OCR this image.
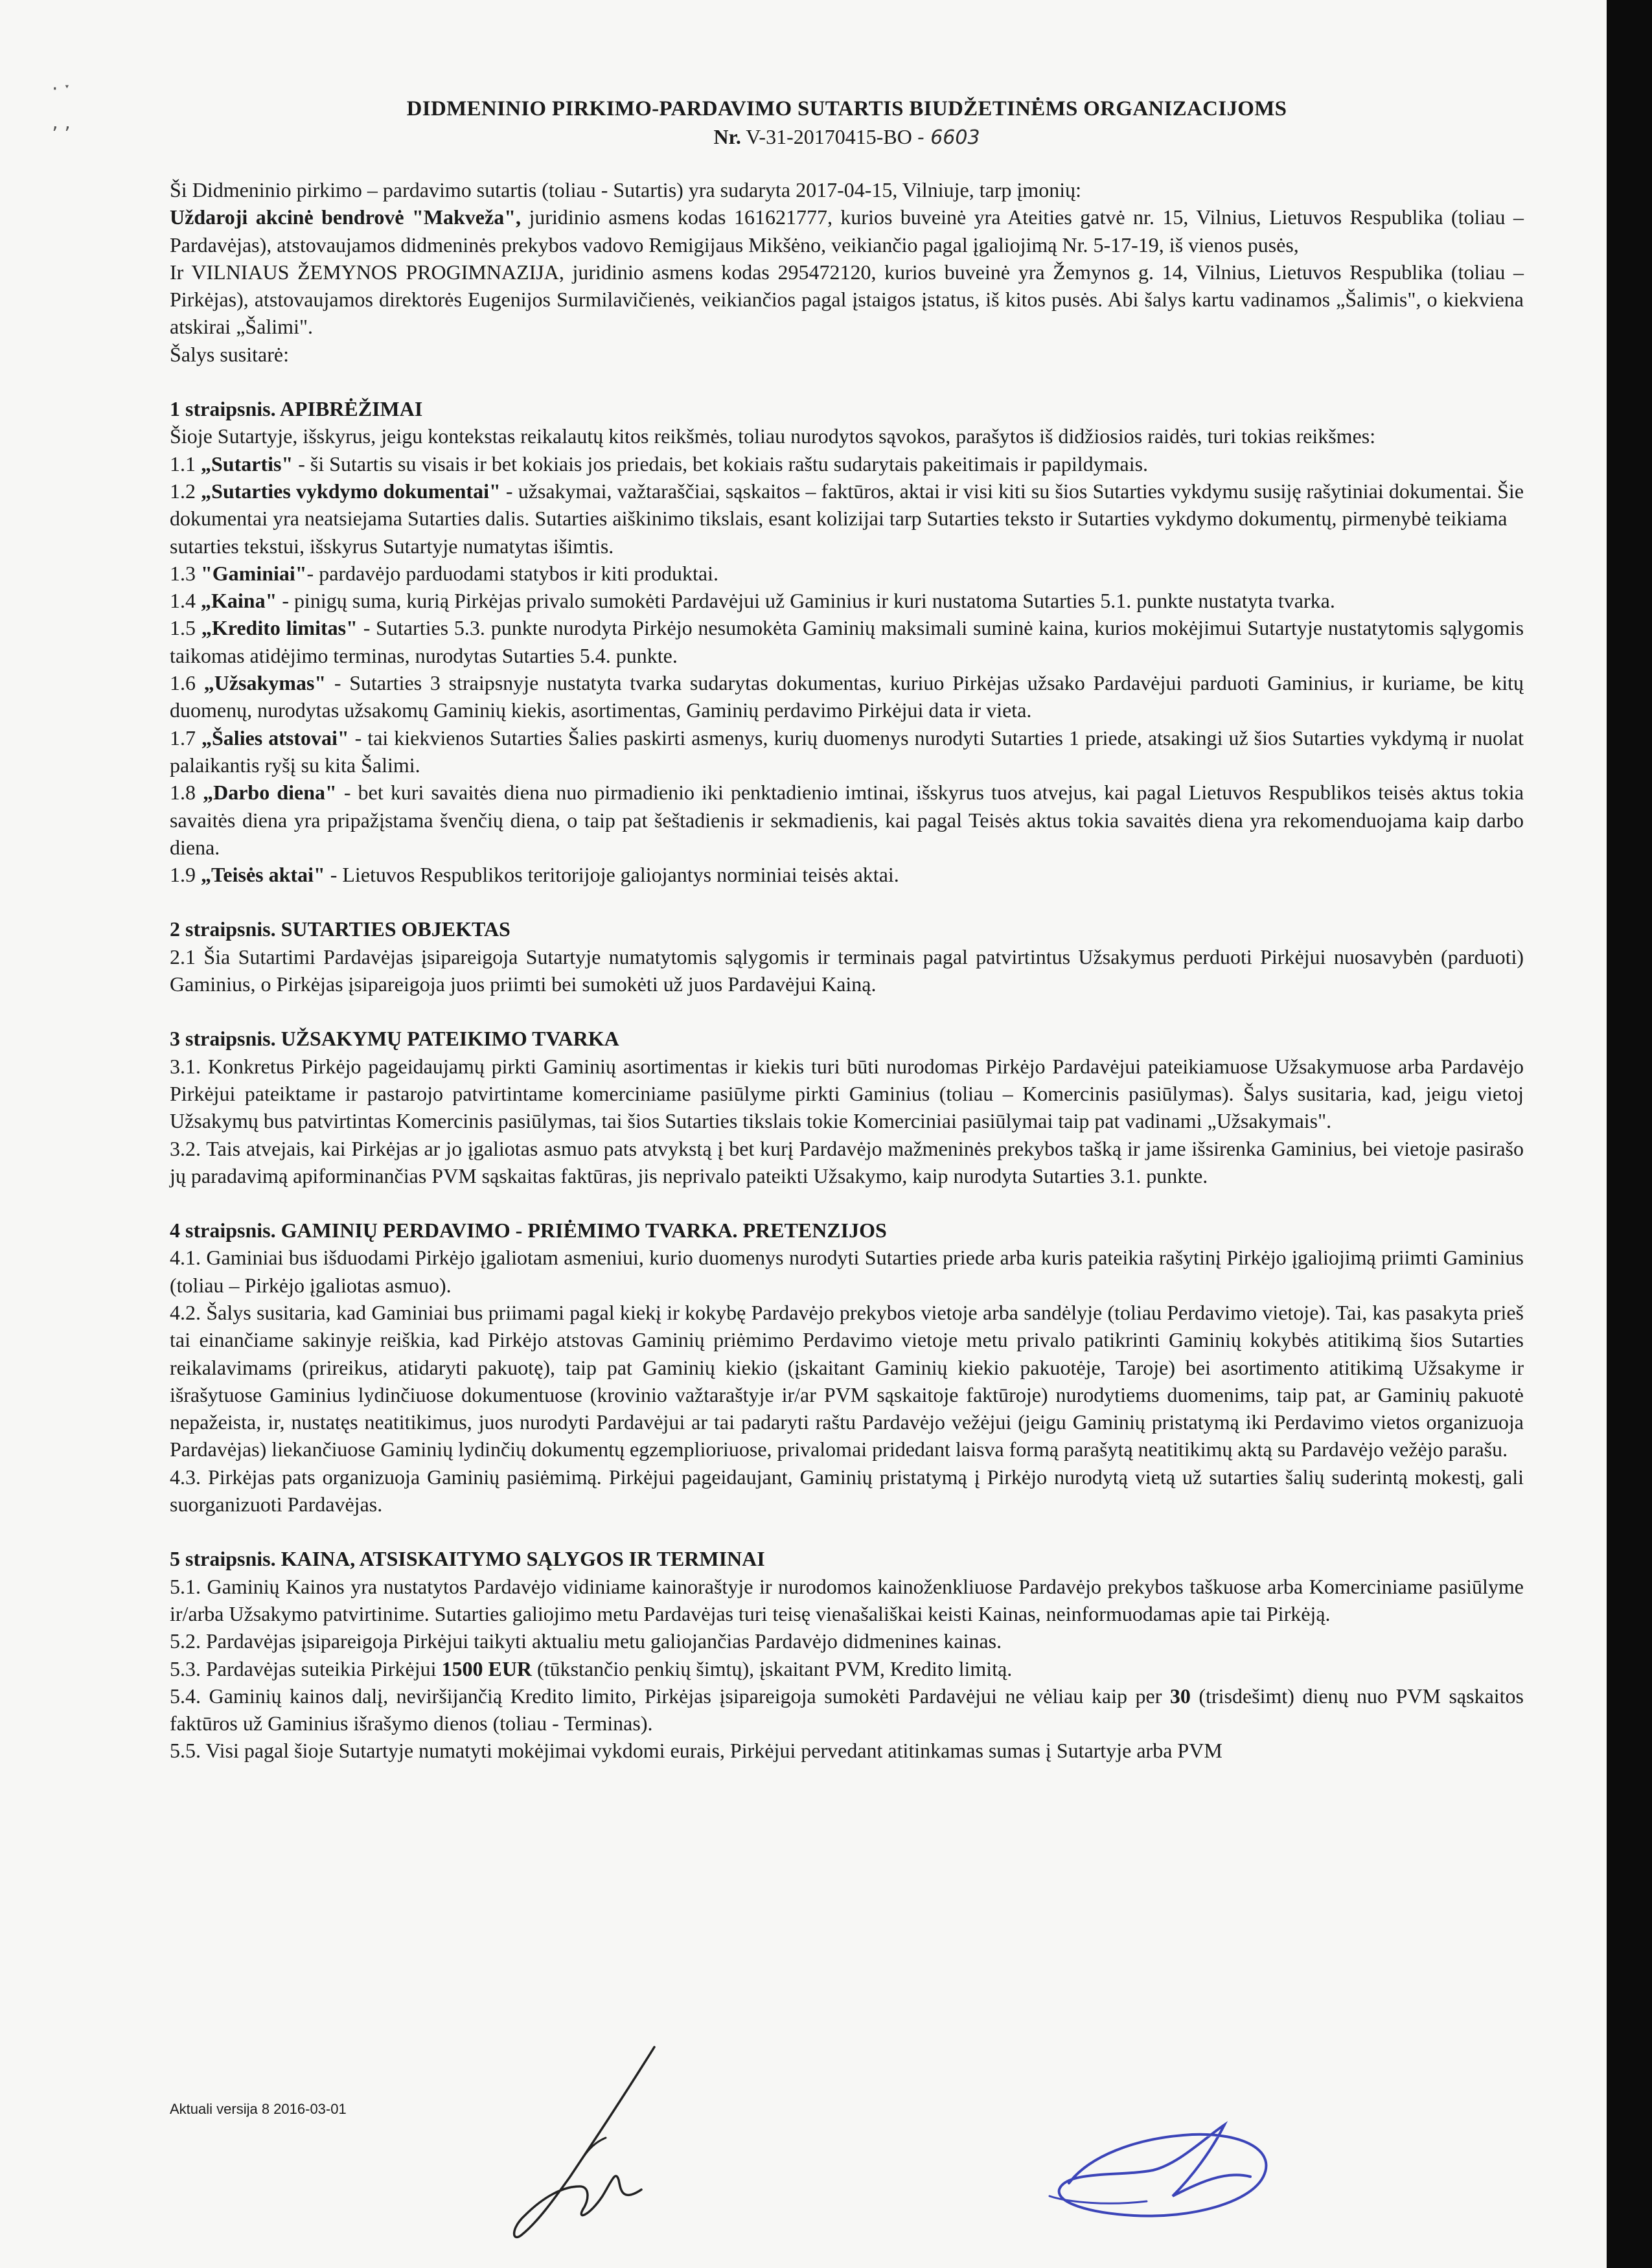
· ˑ

ʼ ʼ
DIDMENINIO PIRKIMO-PARDAVIMO SUTARTIS BIUDŽETINĖMS ORGANIZACIJOMS
Nr. V-31-20170415-BO - 6603

Ši Didmeninio pirkimo – pardavimo sutartis (toliau - Sutartis) yra sudaryta 2017-04-15, Vilniuje, tarp įmonių:

Uždaroji akcinė bendrovė "Makveža", juridinio asmens kodas 161621777, kurios buveinė yra Ateities gatvė nr. 15, Vilnius, Lietuvos Respublika (toliau – Pardavėjas), atstovaujamos didmeninės prekybos vadovo Remigijaus Mikšėno, veikiančio pagal įgaliojimą Nr. 5-17-19, iš vienos pusės,

Ir VILNIAUS ŽEMYNOS PROGIMNAZIJA, juridinio asmens kodas 295472120, kurios buveinė yra Žemynos g. 14, Vilnius, Lietuvos Respublika (toliau – Pirkėjas), atstovaujamos direktorės Eugenijos Surmilavičienės, veikiančios pagal įstaigos įstatus, iš kitos pusės. Abi šalys kartu vadinamos „Šalimis", o kiekviena atskirai „Šalimi".

Šalys susitarė:

1 straipsnis. APIBRĖŽIMAI

Šioje Sutartyje, išskyrus, jeigu kontekstas reikalautų kitos reikšmės, toliau nurodytos sąvokos, parašytos iš didžiosios raidės, turi tokias reikšmes:

1.1 „Sutartis" - ši Sutartis su visais ir bet kokiais jos priedais, bet kokiais raštu sudarytais pakeitimais ir papildymais.

1.2 „Sutarties vykdymo dokumentai" - užsakymai, važtaraščiai, sąskaitos – faktūros, aktai ir visi kiti su šios Sutarties vykdymu susiję rašytiniai dokumentai. Šie dokumentai yra neatsiejama Sutarties dalis. Sutarties aiškinimo tikslais, esant kolizijai tarp Sutarties teksto ir Sutarties vykdymo dokumentų, pirmenybė teikiama

sutarties tekstui, išskyrus Sutartyje numatytas išimtis.

1.3 "Gaminiai"- pardavėjo parduodami statybos ir kiti produktai.

1.4 „Kaina" - pinigų suma, kurią Pirkėjas privalo sumokėti Pardavėjui už Gaminius ir kuri nustatoma Sutarties 5.1. punkte nustatyta tvarka.

1.5 „Kredito limitas" - Sutarties 5.3. punkte nurodyta Pirkėjo nesumokėta Gaminių maksimali suminė kaina, kurios mokėjimui Sutartyje nustatytomis sąlygomis taikomas atidėjimo terminas, nurodytas Sutarties 5.4. punkte.

1.6 „Užsakymas" - Sutarties 3 straipsnyje nustatyta tvarka sudarytas dokumentas, kuriuo Pirkėjas užsako Pardavėjui parduoti Gaminius, ir kuriame, be kitų duomenų, nurodytas užsakomų Gaminių kiekis, asortimentas, Gaminių perdavimo Pirkėjui data ir vieta.

1.7 „Šalies atstovai" - tai kiekvienos Sutarties Šalies paskirti asmenys, kurių duomenys nurodyti Sutarties 1 priede, atsakingi už šios Sutarties vykdymą ir nuolat palaikantis ryšį su kita Šalimi.

1.8 „Darbo diena" - bet kuri savaitės diena nuo pirmadienio iki penktadienio imtinai, išskyrus tuos atvejus, kai pagal Lietuvos Respublikos teisės aktus tokia savaitės diena yra pripažįstama švenčių diena, o taip pat šeštadienis ir sekmadienis, kai pagal Teisės aktus tokia savaitės diena yra rekomenduojama kaip darbo diena.

1.9 „Teisės aktai" - Lietuvos Respublikos teritorijoje galiojantys norminiai teisės aktai.

2 straipsnis. SUTARTIES OBJEKTAS

2.1 Šia Sutartimi Pardavėjas įsipareigoja Sutartyje numatytomis sąlygomis ir terminais pagal patvirtintus Užsakymus perduoti Pirkėjui nuosavybėn (parduoti) Gaminius, o Pirkėjas įsipareigoja juos priimti bei sumokėti už juos Pardavėjui Kainą.

3 straipsnis. UŽSAKYMŲ PATEIKIMO TVARKA

3.1. Konkretus Pirkėjo pageidaujamų pirkti Gaminių asortimentas ir kiekis turi būti nurodomas Pirkėjo Pardavėjui pateikiamuose Užsakymuose arba Pardavėjo Pirkėjui pateiktame ir pastarojo patvirtintame komerciniame pasiūlyme pirkti Gaminius (toliau – Komercinis pasiūlymas). Šalys susitaria, kad, jeigu vietoj Užsakymų bus patvirtintas Komercinis pasiūlymas, tai šios Sutarties tikslais tokie Komerciniai pasiūlymai taip pat vadinami „Užsakymais".

3.2. Tais atvejais, kai Pirkėjas ar jo įgaliotas asmuo pats atvykstą į bet kurį Pardavėjo mažmeninės prekybos tašką ir jame išsirenka Gaminius, bei vietoje pasirašo jų paradavimą apiforminančias PVM sąskaitas faktūras, jis neprivalo pateikti Užsakymo, kaip nurodyta Sutarties 3.1. punkte.

4 straipsnis. GAMINIŲ PERDAVIMO - PRIĖMIMO TVARKA. PRETENZIJOS

4.1. Gaminiai bus išduodami Pirkėjo įgaliotam asmeniui, kurio duomenys nurodyti Sutarties priede arba kuris pateikia rašytinį Pirkėjo įgaliojimą priimti Gaminius (toliau – Pirkėjo įgaliotas asmuo).

4.2. Šalys susitaria, kad Gaminiai bus priimami pagal kiekį ir kokybę Pardavėjo prekybos vietoje arba sandėlyje (toliau Perdavimo vietoje). Tai, kas pasakyta prieš tai einančiame sakinyje reiškia, kad Pirkėjo atstovas Gaminių priėmimo Perdavimo vietoje metu privalo patikrinti Gaminių kokybės atitikimą šios Sutarties reikalavimams (prireikus, atidaryti pakuotę), taip pat Gaminių kiekio (įskaitant Gaminių kiekio pakuotėje, Taroje) bei asortimento atitikimą Užsakyme ir išrašytuose Gaminius lydinčiuose dokumentuose (krovinio važtaraštyje ir/ar PVM sąskaitoje faktūroje) nurodytiems duomenims, taip pat, ar Gaminių pakuotė nepažeista, ir, nustatęs neatitikimus, juos nurodyti Pardavėjui ar tai padaryti raštu Pardavėjo vežėjui (jeigu Gaminių pristatymą iki Perdavimo vietos organizuoja Pardavėjas) liekančiuose Gaminių lydinčių dokumentų egzemplioriuose, privalomai pridedant laisva formą parašytą neatitikimų aktą su Pardavėjo vežėjo parašu.

4.3. Pirkėjas pats organizuoja Gaminių pasiėmimą. Pirkėjui pageidaujant, Gaminių pristatymą į Pirkėjo nurodytą vietą už sutarties šalių suderintą mokestį, gali suorganizuoti Pardavėjas.

5 straipsnis. KAINA, ATSISKAITYMO SĄLYGOS IR TERMINAI

5.1. Gaminių Kainos yra nustatytos Pardavėjo vidiniame kainoraštyje ir nurodomos kainoženkliuose Pardavėjo prekybos taškuose arba Komerciniame pasiūlyme ir/arba Užsakymo patvirtinime. Sutarties galiojimo metu Pardavėjas turi teisę vienašališkai keisti Kainas, neinformuodamas apie tai Pirkėją.

5.2. Pardavėjas įsipareigoja Pirkėjui taikyti aktualiu metu galiojančias Pardavėjo didmenines kainas.

5.3. Pardavėjas suteikia Pirkėjui 1500 EUR (tūkstančio penkių šimtų), įskaitant PVM, Kredito limitą.

5.4. Gaminių kainos dalį, neviršijančią Kredito limito, Pirkėjas įsipareigoja sumokėti Pardavėjui ne vėliau kaip per 30 (trisdešimt) dienų nuo PVM sąskaitos faktūros už Gaminius išrašymo dienos (toliau - Terminas).

5.5. Visi pagal šioje Sutartyje numatyti mokėjimai vykdomi eurais, Pirkėjui pervedant atitinkamas sumas į Sutartyje arba PVM

Aktuali versija 8 2016-03-01
